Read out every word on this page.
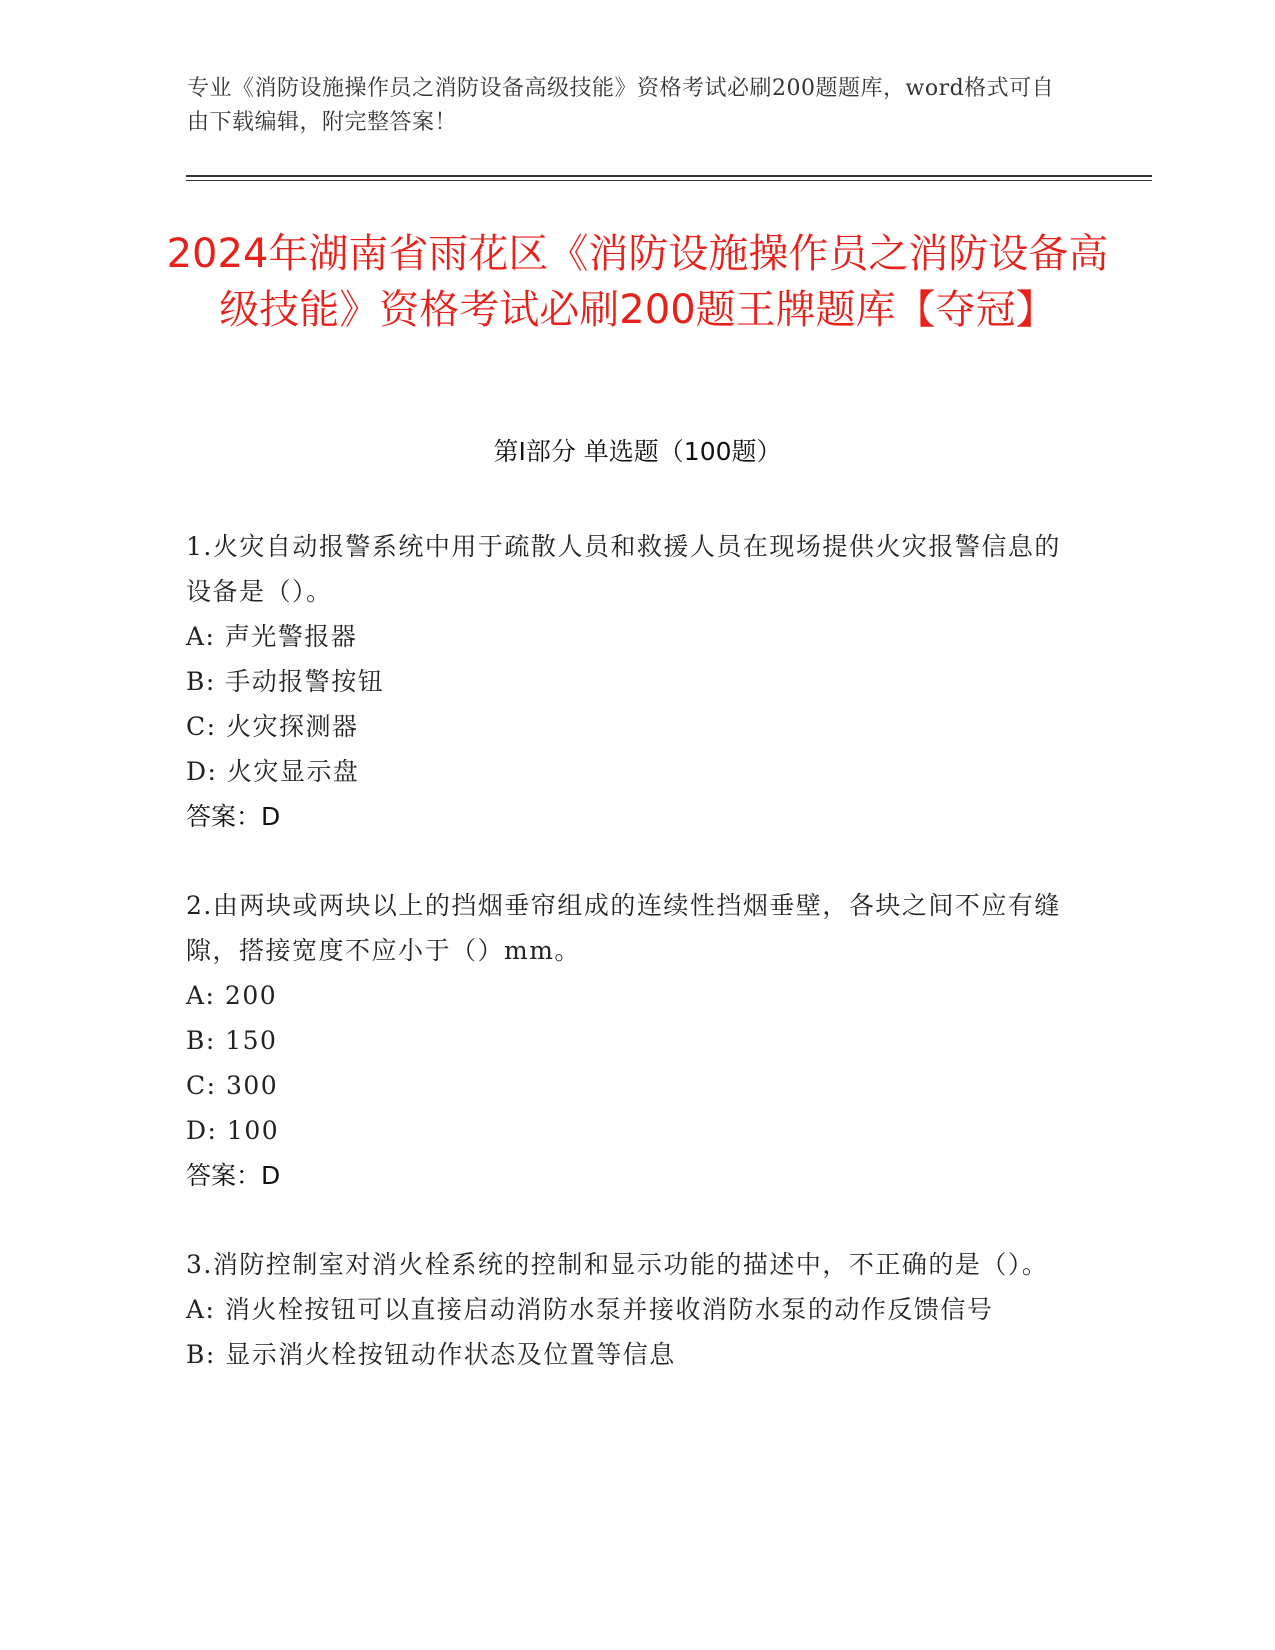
专业《消防设施操作员之消防设备高级技能》资格考试必刷200题题库，word格式可自由下载编辑，附完整答案！
2024年湖南省雨花区《消防设施操作员之消防设备高级技能》资格考试必刷200题王牌题库【夺冠】
第Ⅰ部分 单选题（100题）
1.火灾自动报警系统中用于疏散人员和救援人员在现场提供火灾报警信息的设备是（）。
A: 声光警报器
B: 手动报警按钮
C: 火灾探测器
D: 火灾显示盘
答案：D
2.由两块或两块以上的挡烟垂帘组成的连续性挡烟垂壁，各块之间不应有缝隙，搭接宽度不应小于（）mm。
A: 200
B: 150
C: 300
D: 100
答案：D
3.消防控制室对消火栓系统的控制和显示功能的描述中，不正确的是（）。
A: 消火栓按钮可以直接启动消防水泵并接收消防水泵的动作反馈信号
B: 显示消火栓按钮动作状态及位置等信息
